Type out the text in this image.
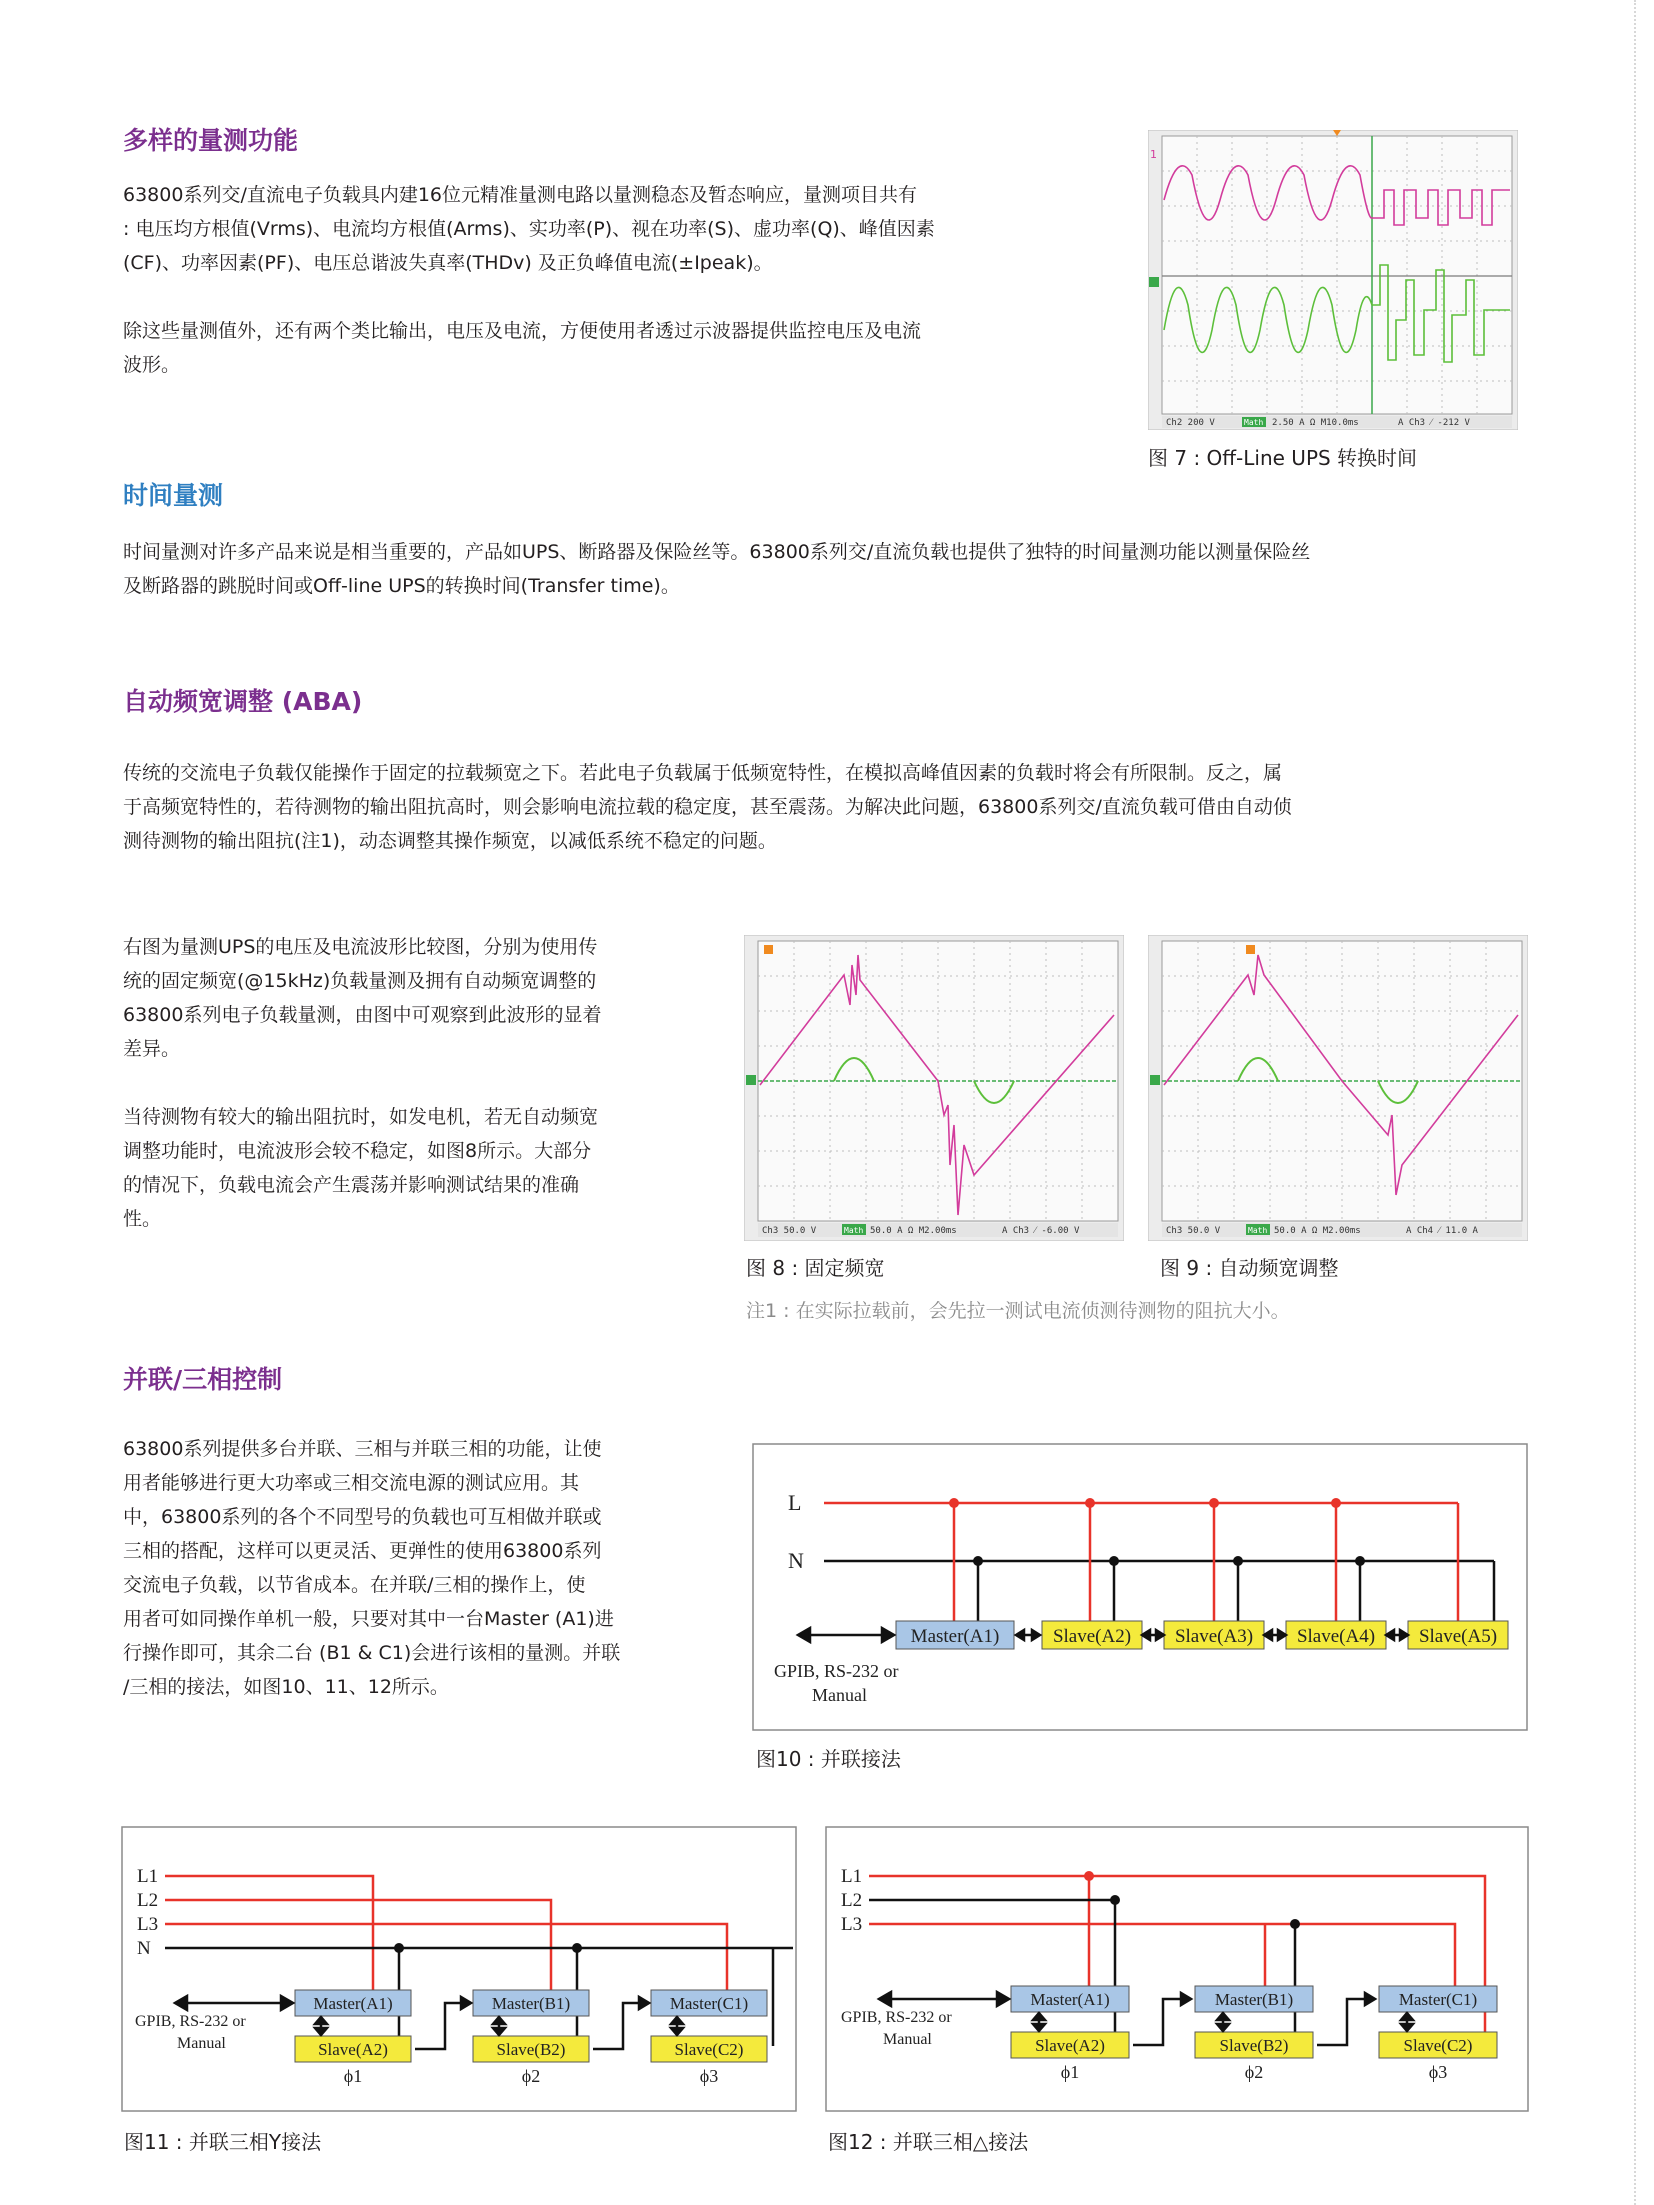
多样的量测功能
63800系列交/直流电子负载具内建16位元精准量测电路以量测稳态及暂态响应，量测项目共有
: 电压均方根值(Vrms)、电流均方根值(Arms)、实功率(P)、视在功率(S)、虚功率(Q)、峰值因素
(CF)、功率因素(PF)、电压总谐波失真率(THDv) 及正负峰值电流(±Ipeak)。
除这些量测值外，还有两个类比输出，电压及电流，方便使用者透过示波器提供监控电压及电流
波形。
1
Ch2 200 V	Math 2.50 A Ω M10.0ms	A Ch3 ⁄ -212 V

图 7 : Off-Line UPS 转换时间

时间量测
时间量测对许多产品来说是相当重要的，产品如UPS、断路器及保险丝等。63800系列交/直流负载也提供了独特的时间量测功能以测量保险丝
及断路器的跳脱时间或Off-line UPS的转换时间(Transfer time)。
自动频宽调整 (ABA)
传统的交流电子负载仅能操作于固定的拉载频宽之下。若此电子负载属于低频宽特性，在模拟高峰值因素的负载时将会有所限制。反之，属
于高频宽特性的，若待测物的输出阻抗高时，则会影响电流拉载的稳定度，甚至震荡。为解决此问题，63800系列交/直流负载可借由自动侦
测待测物的输出阻抗(注1)，动态调整其操作频宽，以减低系统不稳定的问题。
右图为量测UPS的电压及电流波形比较图，分别为使用传
统的固定频宽(@15kHz)负载量测及拥有自动频宽调整的
63800系列电子负载量测，由图中可观察到此波形的显着
差异。
当待测物有较大的输出阻抗时，如发电机，若无自动频宽
调整功能时，电流波形会较不稳定，如图8所示。大部分
的情况下，负载电流会产生震荡并影响测试结果的准确
性。
Ch3 50.0 V	Math 50.0 A Ω M2.00ms	A Ch3 ⁄ -6.00 V

图 8 : 固定频宽

Ch3 50.0 V	Math 50.0 A Ω M2.00ms	A Ch4 ⁄ 11.0 A

图 9 : 自动频宽调整

注1 : 在实际拉载前，会先拉一测试电流侦测待测物的阻抗大小。

并联/三相控制
63800系列提供多台并联、三相与并联三相的功能，让使
用者能够进行更大功率或三相交流电源的测试应用。其
中，63800系列的各个不同型号的负载也可互相做并联或
三相的搭配，这样可以更灵活、更弹性的使用63800系列
交流电子负载，以节省成本。在并联/三相的操作上，使
用者可如同操作单机一般，只要对其中一台Master (A1)进
行操作即可，其余二台 (B1 & C1)会进行该相的量测。并联
/三相的接法，如图10、11、12所示。
L
N
Master(A1)	Slave(A2) Slave(A3) Slave(A4) Slave(A5)
GPIB, RS-232 or
Manual

图10 : 并联接法

L1
L2
L3
N
Master(A1)	Master(B1)	Master(C1)
Slave(A2)	Slave(B2)	Slave(C2)
GPIB, RS-232 or
Manual
ϕ1	ϕ2	ϕ3

图11 : 并联三相Y接法

L1
L2
L3
Master(A1)	Master(B1)	Master(C1)
Slave(A2)	Slave(B2)	Slave(C2)
GPIB, RS-232 or
Manual
ϕ1	ϕ2	ϕ3

图12 : 并联三相△接法
